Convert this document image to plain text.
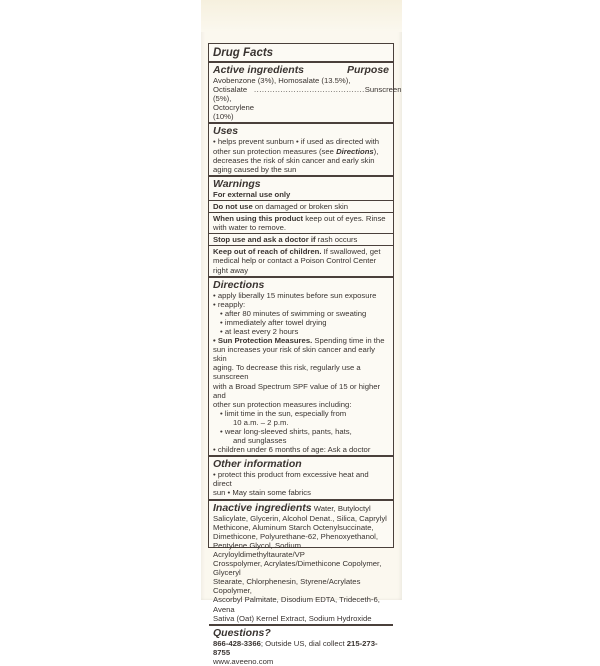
Drug Facts
Active ingredients	Purpose

Avobenzone (3%), Homosalate (13.5%),

Octisalate (5%), Octocrylene (10%)
.......................................... Sunscreen
Uses

• helps prevent sunburn • if used as directed with

other sun protection measures (see Directions),

decreases the risk of skin cancer and early skin

aging caused by the sun

Warnings

For external use only

Do not use on damaged or broken skin

When using this product keep out of eyes. Rinse

with water to remove.

Stop use and ask a doctor if rash occurs

Keep out of reach of children. If swallowed, get

medical help or contact a Poison Control Center

right away

Directions

• apply liberally 15 minutes before sun exposure

• reapply:

• after 80 minutes of swimming or sweating

• immediately after towel drying

• at least every 2 hours

• Sun Protection Measures. Spending time in the

sun increases your risk of skin cancer and early skin

aging. To decrease this risk, regularly use a sunscreen

with a Broad Spectrum SPF value of 15 or higher and

other sun protection measures including:

• limit time in the sun, especially from

10 a.m. – 2 p.m.

• wear long-sleeved shirts, pants, hats,

and sunglasses

• children under 6 months of age: Ask a doctor

Other information

• protect this product from excessive heat and direct

sun • May stain some fabrics

Inactive ingredients Water, Butyloctyl

Salicylate, Glycerin, Alcohol Denat., Silica, Caprylyl

Methicone, Aluminum Starch Octenylsuccinate,

Dimethicone, Polyurethane-62, Phenoxyethanol,

Pentylene Glycol, Sodium Acryloyldimethyltaurate/VP

Crosspolymer, Acrylates/Dimethicone Copolymer, Glyceryl

Stearate, Chlorphenesin, Styrene/Acrylates Copolymer,

Ascorbyl Palmitate, Disodium EDTA, Trideceth-6, Avena

Sativa (Oat) Kernel Extract, Sodium Hydroxide

Questions?

866-428-3366; Outside US, dial collect 215-273-8755

www.aveeno.com
